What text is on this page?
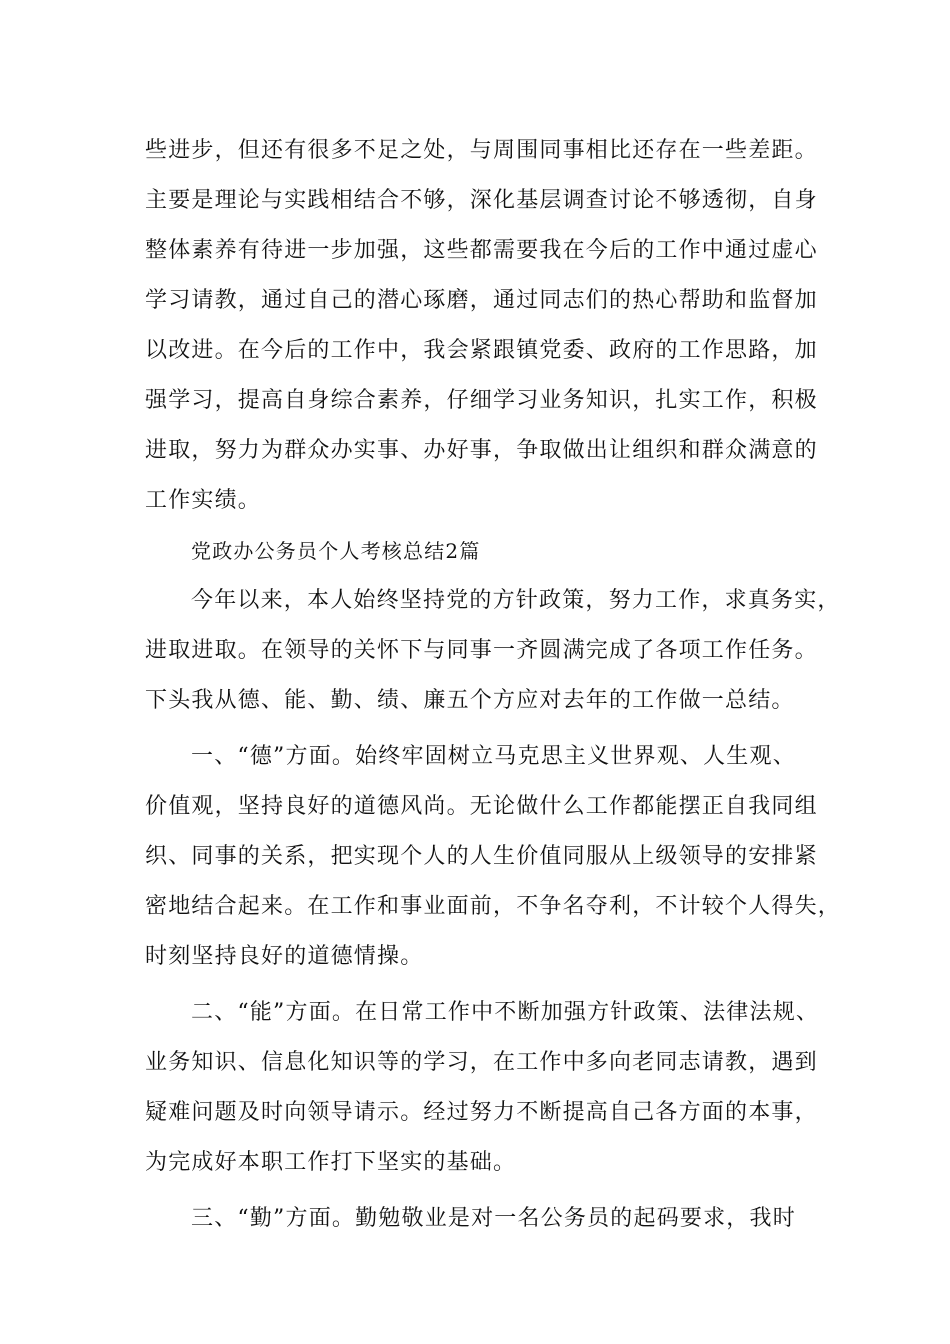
些进步，但还有很多不足之处，与周围同事相比还存在一些差距。
主要是理论与实践相结合不够，深化基层调查讨论不够透彻，自身
整体素养有待进一步加强，这些都需要我在今后的工作中通过虚心
学习请教，通过自己的潜心琢磨，通过同志们的热心帮助和监督加
以改进。在今后的工作中，我会紧跟镇党委、政府的工作思路，加
强学习，提高自身综合素养，仔细学习业务知识，扎实工作，积极
进取，努力为群众办实事、办好事，争取做出让组织和群众满意的
工作实绩。
党政办公务员个人考核总结2篇
今年以来，本人始终坚持党的方针政策，努力工作，求真务实，
进取进取。在领导的关怀下与同事一齐圆满完成了各项工作任务。
下头我从德、能、勤、绩、廉五个方应对去年的工作做一总结。
一、“德”方面。始终牢固树立马克思主义世界观、人生观、
价值观，坚持良好的道德风尚。无论做什么工作都能摆正自我同组
织、同事的关系，把实现个人的人生价值同服从上级领导的安排紧
密地结合起来。在工作和事业面前，不争名夺利，不计较个人得失，
时刻坚持良好的道德情操。
二、“能”方面。在日常工作中不断加强方针政策、法律法规、
业务知识、信息化知识等的学习，在工作中多向老同志请教，遇到
疑难问题及时向领导请示。经过努力不断提高自己各方面的本事，
为完成好本职工作打下坚实的基础。
三、“勤”方面。勤勉敬业是对一名公务员的起码要求，我时
